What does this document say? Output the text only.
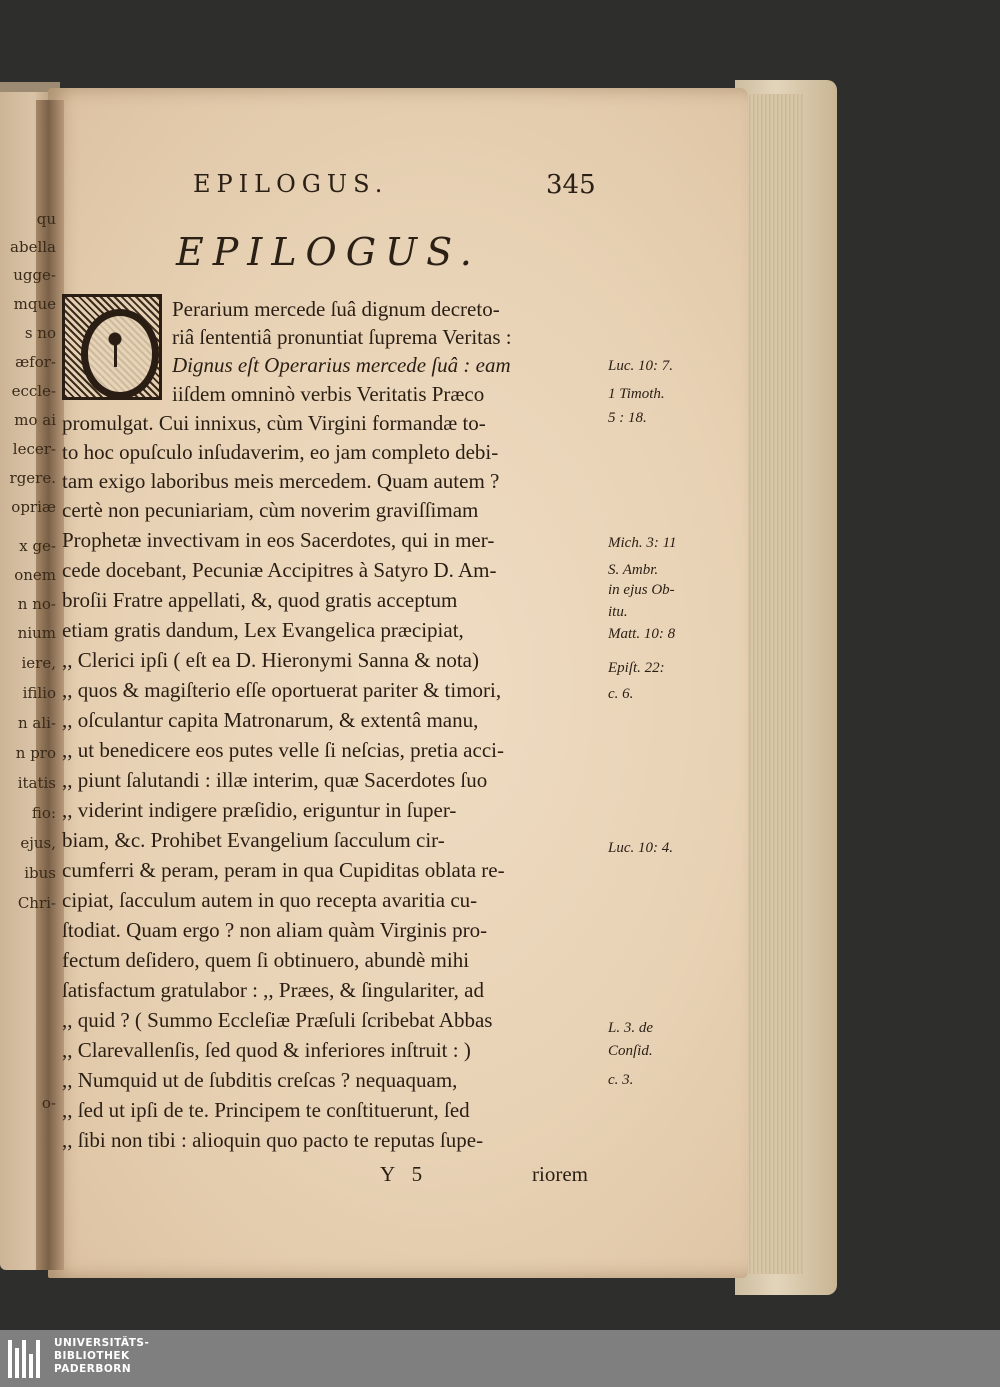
qu
abella
ugge-
mque
s no
æfor-
eccle-
mo ai
lecer-
rgere.
opriæ
x ge-
onem
n no-
nium
iere,
ifilio
n ali-
n pro
itatis
fio:
ejus,
ibus
Chri-
o-
EPILOGUS.	345
EPILOGUS.
Perarium mercede ſuâ dignum decreto-
riâ ſententiâ pronuntiat ſuprema Veritas :
Dignus eſt Operarius mercede ſuâ : eam
iiſdem omninò verbis Veritatis Præco
promulgat. Cui innixus, cùm Virgini formandæ to-
to hoc opuſculo inſudaverim, eo jam completo debi-
tam exigo laboribus meis mercedem. Quam autem ?
certè non pecuniariam, cùm noverim graviſſimam
Prophetæ invectivam in eos Sacerdotes, qui in mer-
cede docebant, Pecuniæ Accipitres à Satyro D. Am-
broſii Fratre appellati, &, quod gratis acceptum
etiam gratis dandum, Lex Evangelica præcipiat,
,, Clerici ipſi ( eſt ea D. Hieronymi Sanna & nota)
,, quos & magiſterio eſſe oportuerat pariter & timori,
,, oſculantur capita Matronarum, & extentâ manu,
,, ut benedicere eos putes velle ſi neſcias, pretia acci-
,, piunt ſalutandi : illæ interim, quæ Sacerdotes ſuo
,, viderint indigere præſidio, eriguntur in ſuper-
biam, &c. Prohibet Evangelium ſacculum cir-
cumferri & peram, peram in qua Cupiditas oblata re-
cipiat, ſacculum autem in quo recepta avaritia cu-
ſtodiat. Quam ergo ? non aliam quàm Virginis pro-
fectum deſidero, quem ſi obtinuero, abundè mihi
ſatisfactum gratulabor : ,, Præes, & ſingulariter, ad
,, quid ? ( Summo Eccleſiæ Præſuli ſcribebat Abbas
,, Clarevallenſis, ſed quod & inferiores inſtruit : )
,, Numquid ut de ſubditis creſcas ? nequaquam,
,, ſed ut ipſi de te. Principem te conſtituerunt, ſed
,, ſibi non tibi : alioquin quo pacto te reputas ſupe-
Luc. 10: 7.
1 Timoth.
5 : 18.
Mich. 3: 11
S. Ambr.
in ejus Ob-
itu.
Matt. 10: 8
Epiſt. 22:
c. 6.
Luc. 10: 4.
L. 3. de
Conſid.
c. 3.
Y 5	riorem
UNIVERSITÄTS-
BIBLIOTHEK
PADERBORN
